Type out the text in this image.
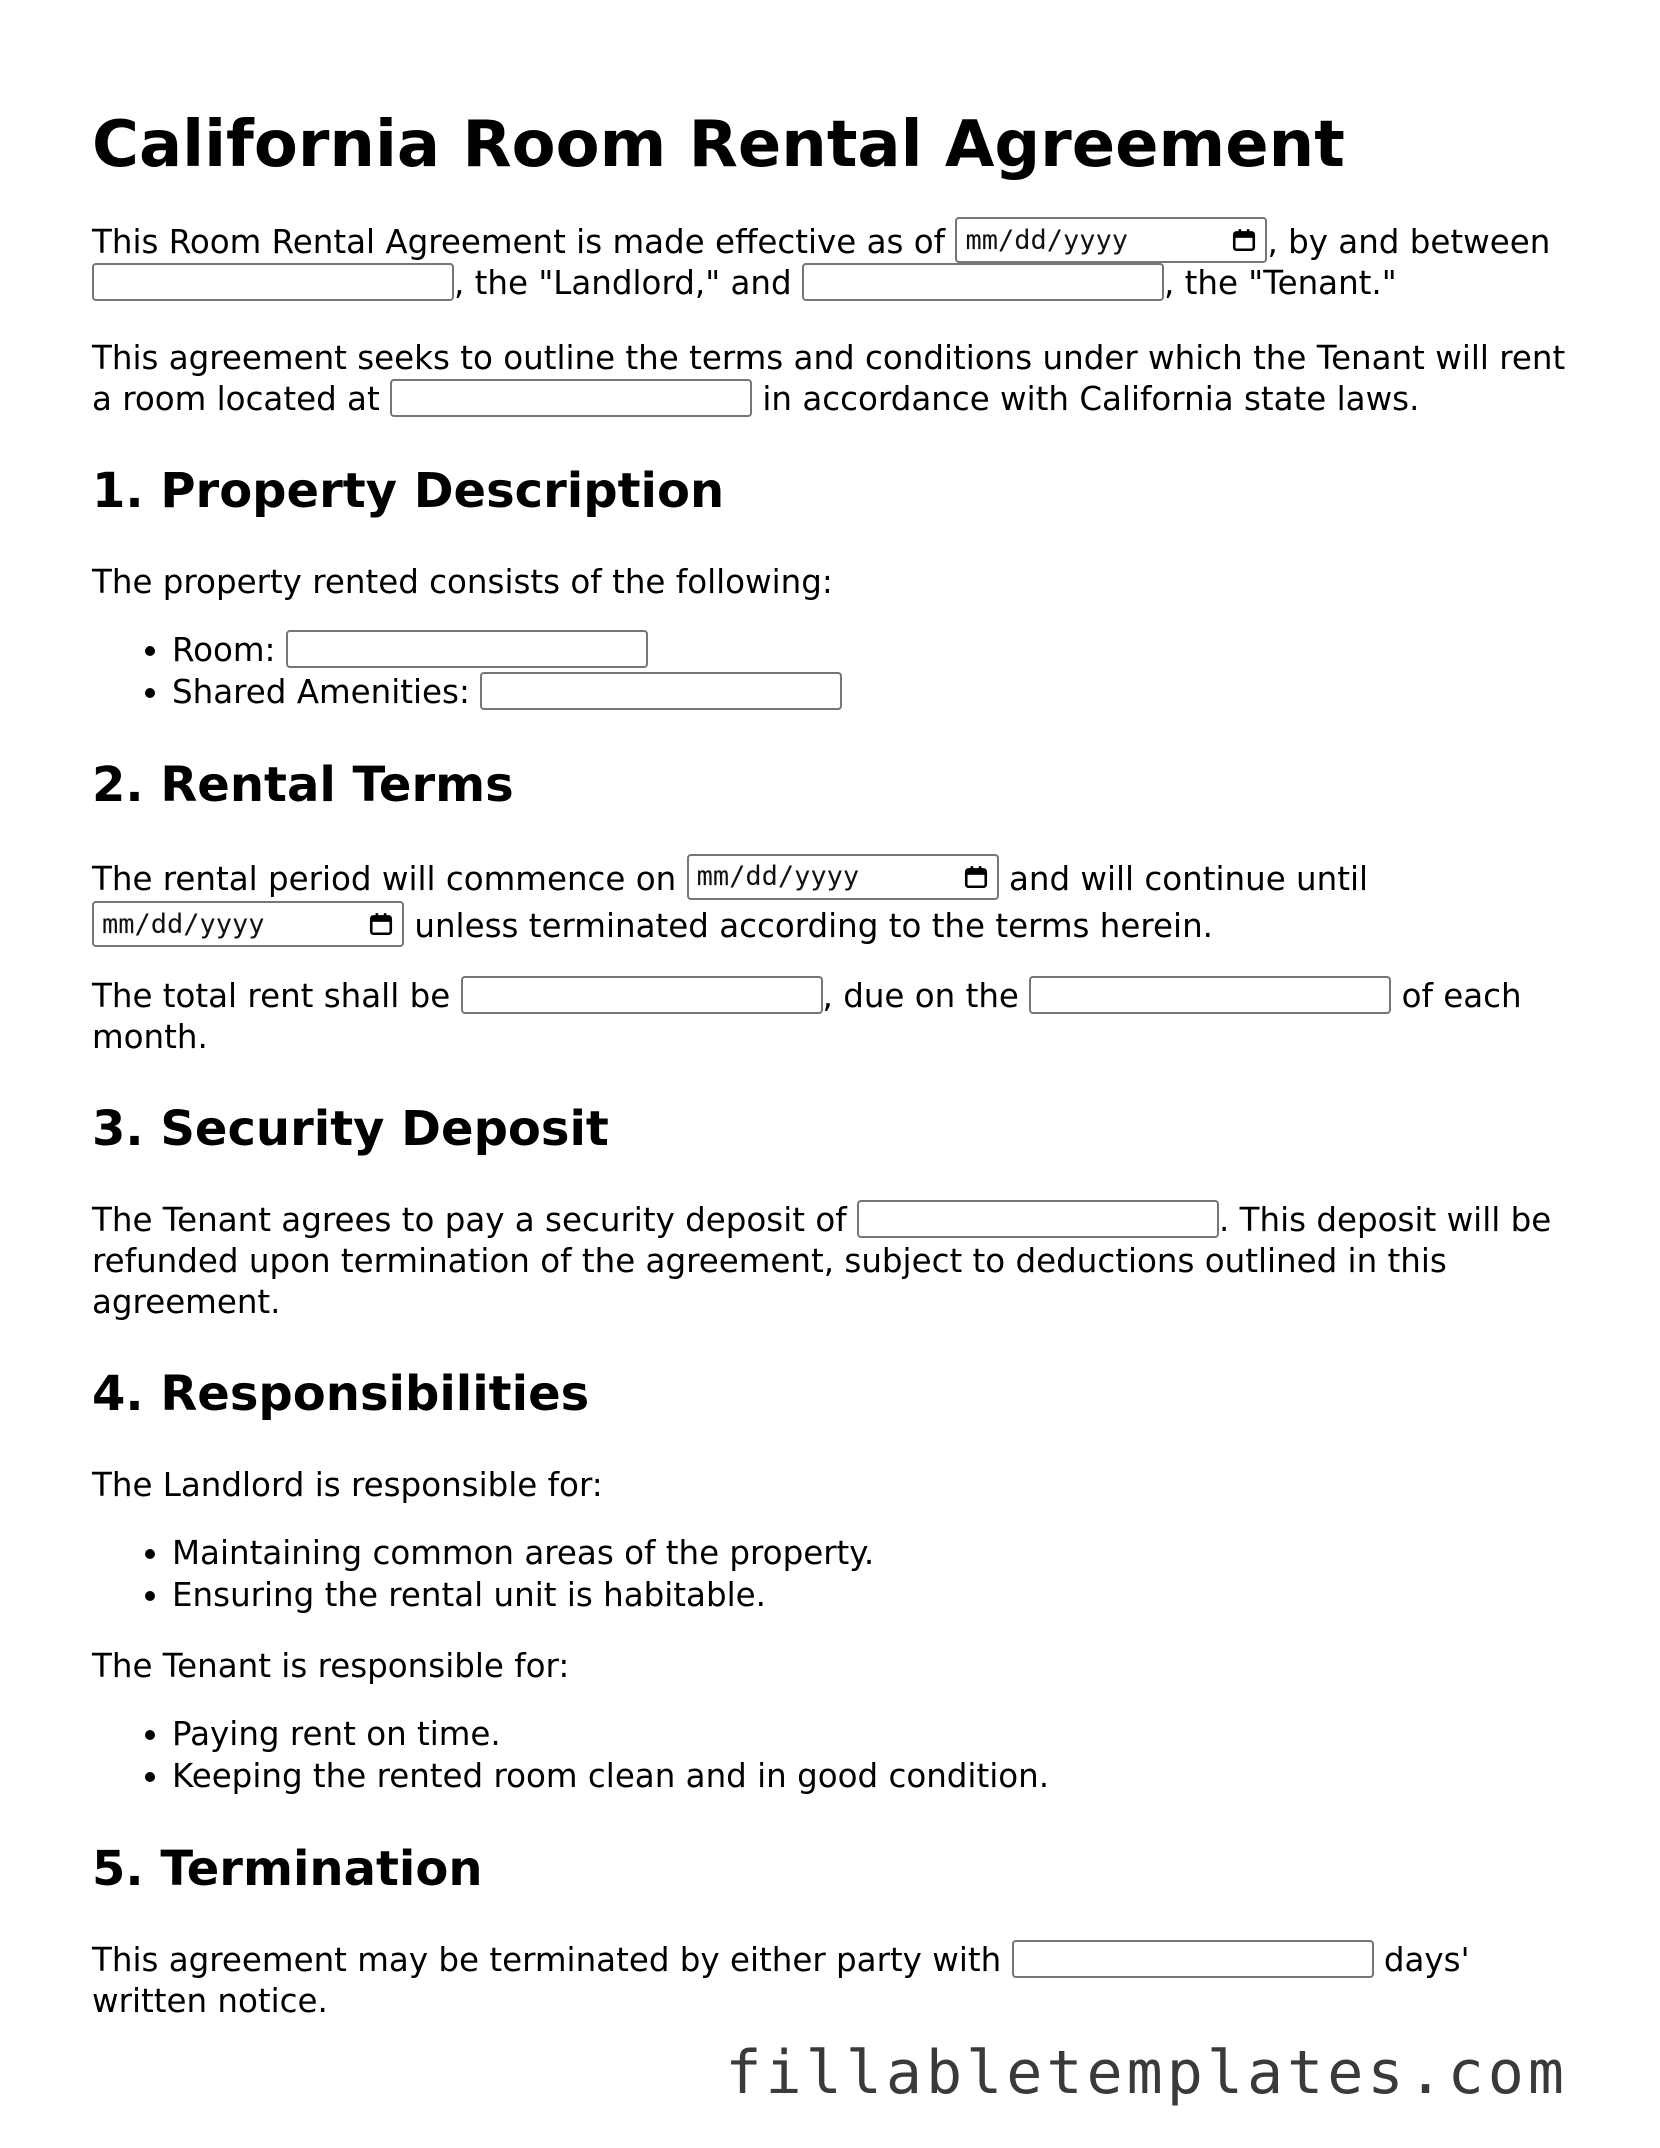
California Room Rental Agreement

This Room Rental Agreement is made effective as of mm/dd/yyyy	, by and between
, the "Landlord," and	, the "Tenant."

This agreement seeks to outline the terms and conditions under which the Tenant will rent a room located at	in accordance with California state laws.

1. Property Description

The property rented consists of the following:

• Room:
• Shared Amenities:
2. Rental Terms

The rental period will commence on mm/dd/yyyy	and will continue until

mm/dd/yyyy	unless terminated according to the terms herein.

The total rent shall be	, due on the	of each month.

3. Security Deposit

The Tenant agrees to pay a security deposit of	. This deposit will be refunded upon termination of the agreement, subject to deductions outlined in this agreement.

4. Responsibilities

The Landlord is responsible for:

• Maintaining common areas of the property.
• Ensuring the rental unit is habitable.

The Tenant is responsible for:

• Paying rent on time.
• Keeping the rented room clean and in good condition.
5. Termination

This agreement may be terminated by either party with	days' written notice.

fillabletemplates.com
